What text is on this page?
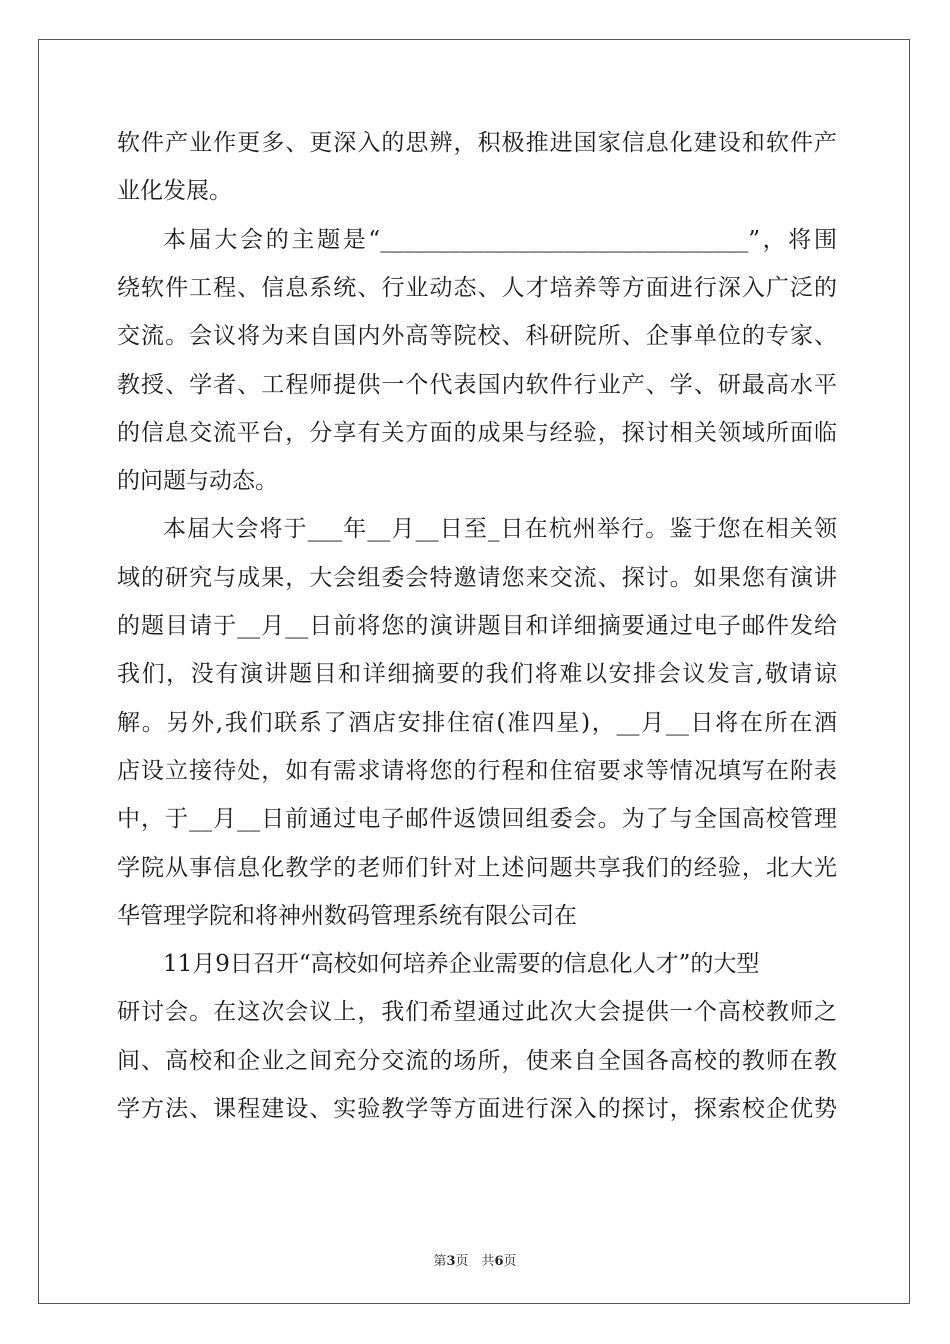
软件产业作更多、更深入的思辨，积极推进国家信息化建设和软件产
业化发展。
本届大会的主题是“________________________________”，将围
绕软件工程、信息系统、行业动态、人才培养等方面进行深入广泛的
交流。会议将为来自国内外高等院校、科研院所、企事单位的专家、
教授、学者、工程师提供一个代表国内软件行业产、学、研最高水平
的信息交流平台，分享有关方面的成果与经验，探讨相关领域所面临
的问题与动态。
本届大会将于___年__月__日至_日在杭州举行。鉴于您在相关领
域的研究与成果，大会组委会特邀请您来交流、探讨。如果您有演讲
的题目请于__月__日前将您的演讲题目和详细摘要通过电子邮件发给
我们，没有演讲题目和详细摘要的我们将难以安排会议发言,敬请谅
解。另外,我们联系了酒店安排住宿(准四星)，__月__日将在所在酒
店设立接待处，如有需求请将您的行程和住宿要求等情况填写在附表
中，于__月__日前通过电子邮件返馈回组委会。为了与全国高校管理
学院从事信息化教学的老师们针对上述问题共享我们的经验，北大光
华管理学院和将神州数码管理系统有限公司在
11月9日召开“高校如何培养企业需要的信息化人才”的大型
研讨会。在这次会议上，我们希望通过此次大会提供一个高校教师之
间、高校和企业之间充分交流的场所，使来自全国各高校的教师在教
学方法、课程建设、实验教学等方面进行深入的探讨，探索校企优势
第3页　共6页
